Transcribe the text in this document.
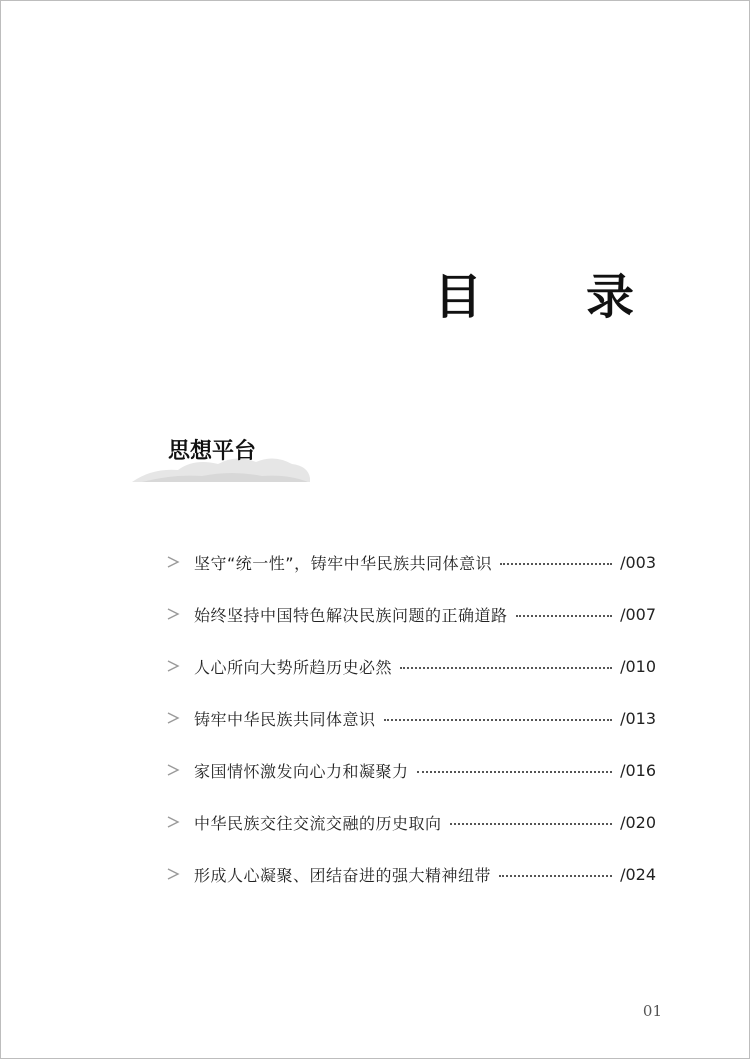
目　录
思想平台
坚守“统一性”，铸牢中华民族共同体意识	/003
始终坚持中国特色解决民族问题的正确道路	/007
人心所向大势所趋历史必然	/010
铸牢中华民族共同体意识	/013
家国情怀激发向心力和凝聚力	/016
中华民族交往交流交融的历史取向	/020
形成人心凝聚、团结奋进的强大精神纽带	/024
01
